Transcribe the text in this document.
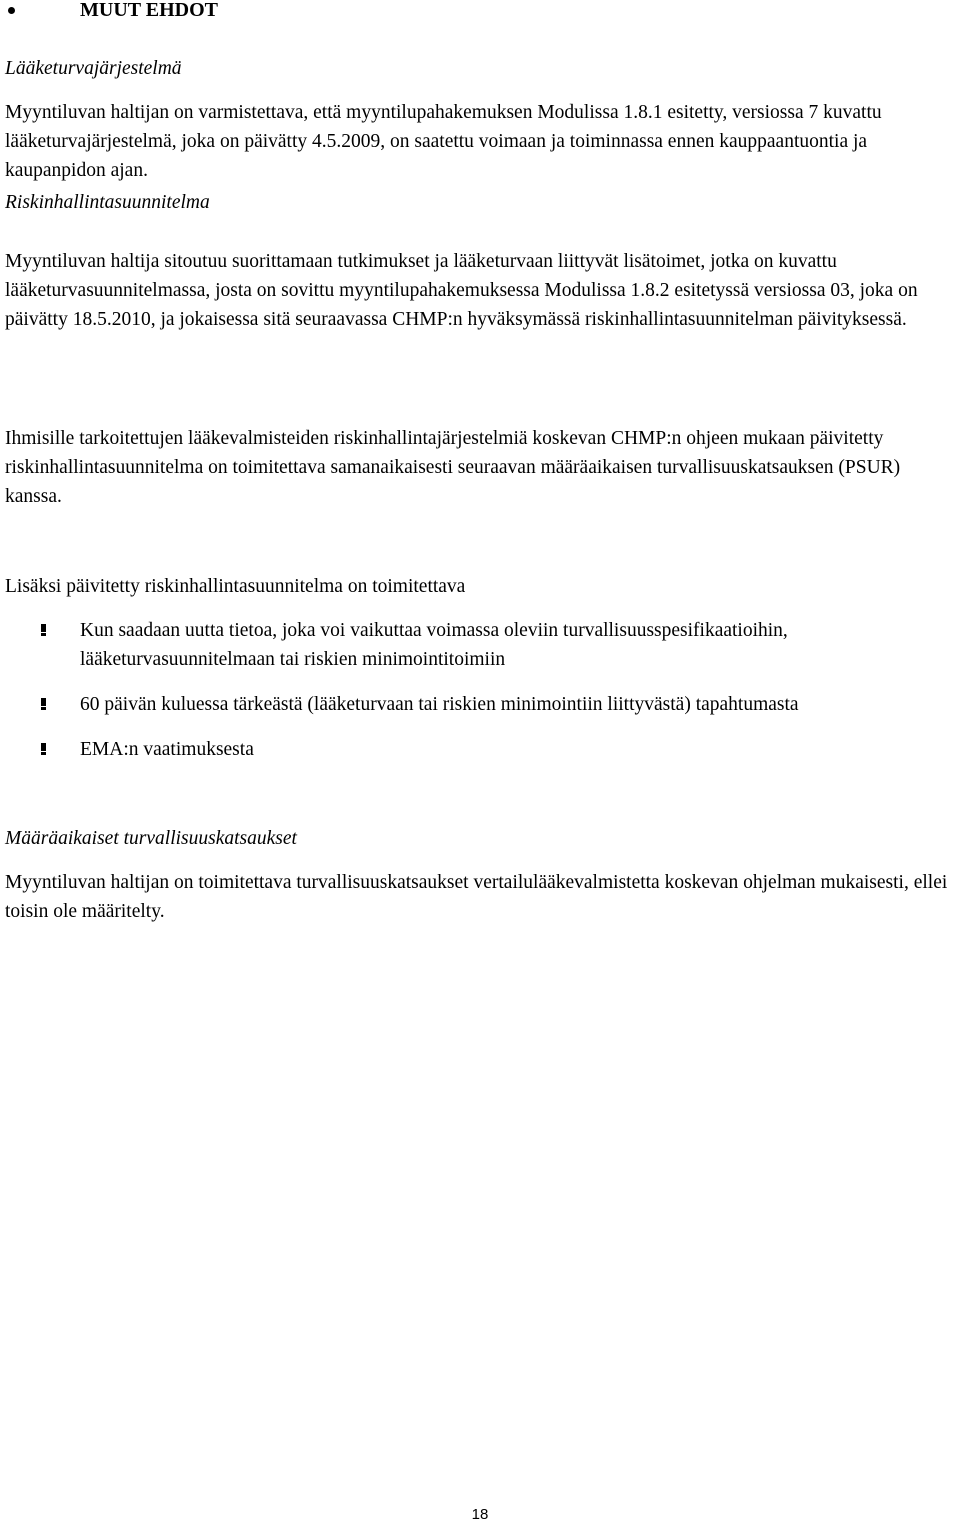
MUUT EHDOT

Lääketurvajärjestelmä

Myyntiluvan haltijan on varmistettava, että myyntilupahakemuksen Modulissa 1.8.1 esitetty, versiossa 7 kuvattu lääketurvajärjestelmä, joka on päivätty 4.5.2009, on saatettu voimaan ja toiminnassa ennen kauppaantuontia ja kaupanpidon ajan.

Riskinhallintasuunnitelma

Myyntiluvan haltija sitoutuu suorittamaan tutkimukset ja lääketurvaan liittyvät lisätoimet, jotka on kuvattu lääketurvasuunnitelmassa, josta on sovittu myyntilupahakemuksessa Modulissa 1.8.2 esitetyssä versiossa 03, joka on päivätty 18.5.2010, ja jokaisessa sitä seuraavassa CHMP:n hyväksymässä riskinhallintasuunnitelman päivityksessä.

Ihmisille tarkoitettujen lääkevalmisteiden riskinhallintajärjestelmiä koskevan CHMP:n ohjeen mukaan päivitetty riskinhallintasuunnitelma on toimitettava samanaikaisesti seuraavan määräaikaisen turvallisuuskatsauksen (PSUR) kanssa.

Lisäksi päivitetty riskinhallintasuunnitelma on toimitettava

Kun saadaan uutta tietoa, joka voi vaikuttaa voimassa oleviin turvallisuusspesifikaatioihin, lääketurvasuunnitelmaan tai riskien minimointitoimiin
60 päivän kuluessa tärkeästä (lääketurvaan tai riskien minimointiin liittyvästä) tapahtumasta
EMA:n vaatimuksesta

Määräaikaiset turvallisuuskatsaukset

Myyntiluvan haltijan on toimitettava turvallisuuskatsaukset vertailulääkevalmistetta koskevan ohjelman mukaisesti, ellei toisin ole määritelty.

18
